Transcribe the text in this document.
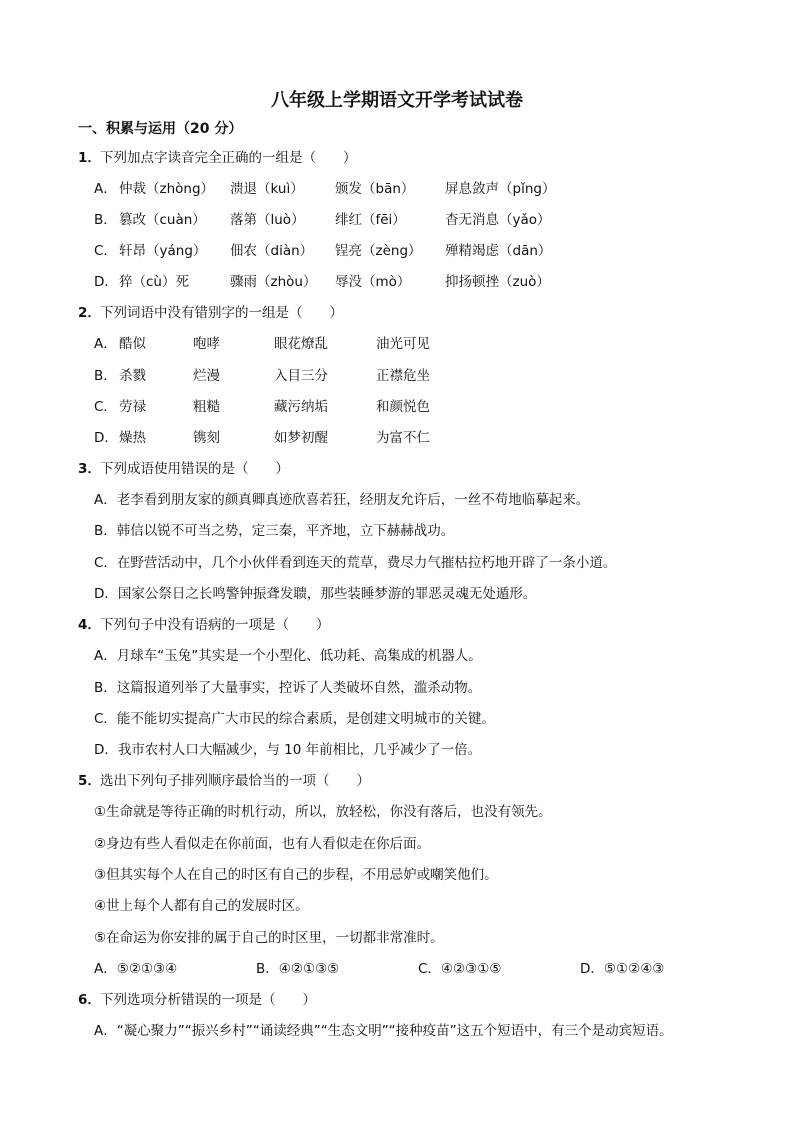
八年级上学期语文开学考试试卷
一、积累与运用（20 分）
1．下列加点字读音完全正确的一组是（　　）
A． 仲裁（zhòng） 溃退（kuì） 颁发（bān） 屏息敛声（pǐng）
B． 篡改（cuàn） 落第（luò） 绯红（fēi）	杳无消息（yǎo）
C． 轩昂（yáng） 佃农（diàn） 锃亮（zèng） 殚精竭虑（dān）
D． 猝（cù）死	骤雨（zhòu） 辱没（mò）	抑扬顿挫（zuò）
2．下列词语中没有错别字的一组是（　　）
A． 酷似	咆哮	眼花燎乱	油光可见
B． 杀戮	烂漫	入目三分	正襟危坐
C． 劳禄	粗糙	藏污纳垢	和颜悦色
D． 燥热	镌刻	如梦初醒	为富不仁
3．下列成语使用错误的是（　　）
A．老李看到朋友家的颜真卿真迹欣喜若狂，经朋友允许后，一丝不苟地临摹起来。
B．韩信以锐不可当之势，定三秦，平齐地，立下赫赫战功。
C．在野营活动中，几个小伙伴看到连天的荒草，费尽力气摧枯拉朽地开辟了一条小道。
D．国家公祭日之长鸣警钟振聋发聩，那些装睡梦游的罪恶灵魂无处遁形。
4．下列句子中没有语病的一项是（　　）
A．月球车“玉兔”其实是一个小型化、低功耗、高集成的机器人。
B．这篇报道列举了大量事实，控诉了人类破坏自然，滥杀动物。
C．能不能切实提高广大市民的综合素质，是创建文明城市的关键。
D．我市农村人口大幅减少，与 10 年前相比，几乎减少了一倍。
5．选出下列句子排列顺序最恰当的一项（　　）
①生命就是等待正确的时机行动，所以，放轻松，你没有落后，也没有领先。
②身边有些人看似走在你前面，也有人看似走在你后面。
③但其实每个人在自己的时区有自己的步程，不用忌妒或嘲笑他们。
④世上每个人都有自己的发展时区。
⑤在命运为你安排的属于自己的时区里，一切都非常准时。
A．⑤②①③④	B．④②①③⑤	C．④②③①⑤	D．⑤①②④③
6．下列选项分析错误的一项是（　　）
A．“凝心聚力”“振兴乡村”“诵读经典”“生态文明”“接种疫苗”这五个短语中，有三个是动宾短语。
